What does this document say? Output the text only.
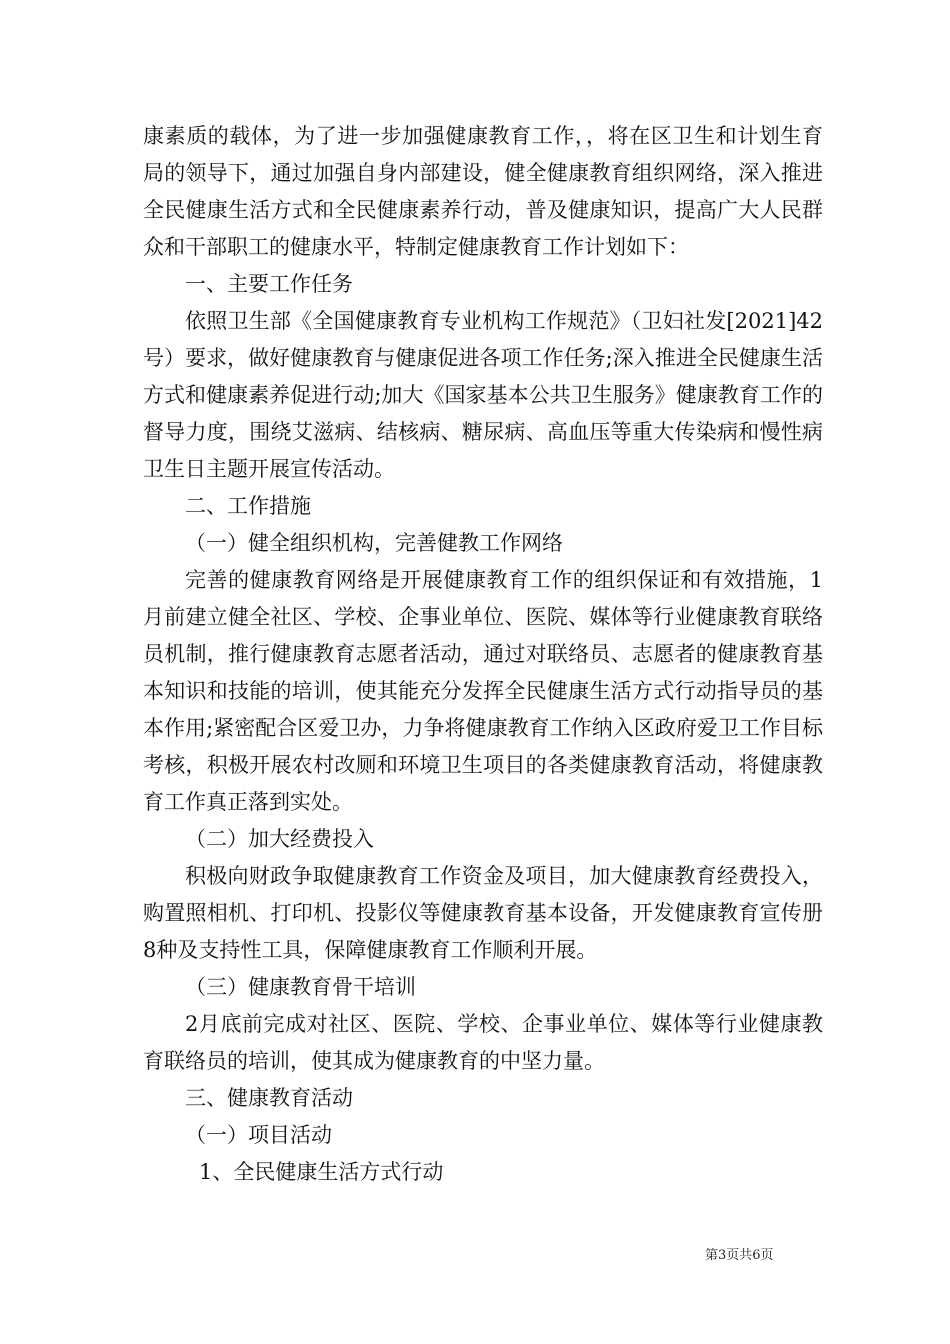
康素质的载体，为了进一步加强健康教育工作，，将在区卫生和计划生育局的领导下，通过加强自身内部建设，健全健康教育组织网络，深入推进全民健康生活方式和全民健康素养行动，普及健康知识，提高广大人民群众和干部职工的健康水平，特制定健康教育工作计划如下：

一、主要工作任务

依照卫生部《全国健康教育专业机构工作规范》（卫妇社发[2021]42号）要求，做好健康教育与健康促进各项工作任务;深入推进全民健康生活方式和健康素养促进行动;加大《国家基本公共卫生服务》健康教育工作的督导力度，围绕艾滋病、结核病、糖尿病、高血压等重大传染病和慢性病卫生日主题开展宣传活动。

二、工作措施

（一）健全组织机构，完善健教工作网络

完善的健康教育网络是开展健康教育工作的组织保证和有效措施，1月前建立健全社区、学校、企事业单位、医院、媒体等行业健康教育联络员机制，推行健康教育志愿者活动，通过对联络员、志愿者的健康教育基本知识和技能的培训，使其能充分发挥全民健康生活方式行动指导员的基本作用;紧密配合区爱卫办，力争将健康教育工作纳入区政府爱卫工作目标考核，积极开展农村改厕和环境卫生项目的各类健康教育活动，将健康教育工作真正落到实处。

（二）加大经费投入

积极向财政争取健康教育工作资金及项目，加大健康教育经费投入，购置照相机、打印机、投影仪等健康教育基本设备，开发健康教育宣传册8种及支持性工具，保障健康教育工作顺利开展。

（三）健康教育骨干培训

2月底前完成对社区、医院、学校、企事业单位、媒体等行业健康教育联络员的培训，使其成为健康教育的中坚力量。

三、健康教育活动

（一）项目活动

1、全民健康生活方式行动

第3页共6页
